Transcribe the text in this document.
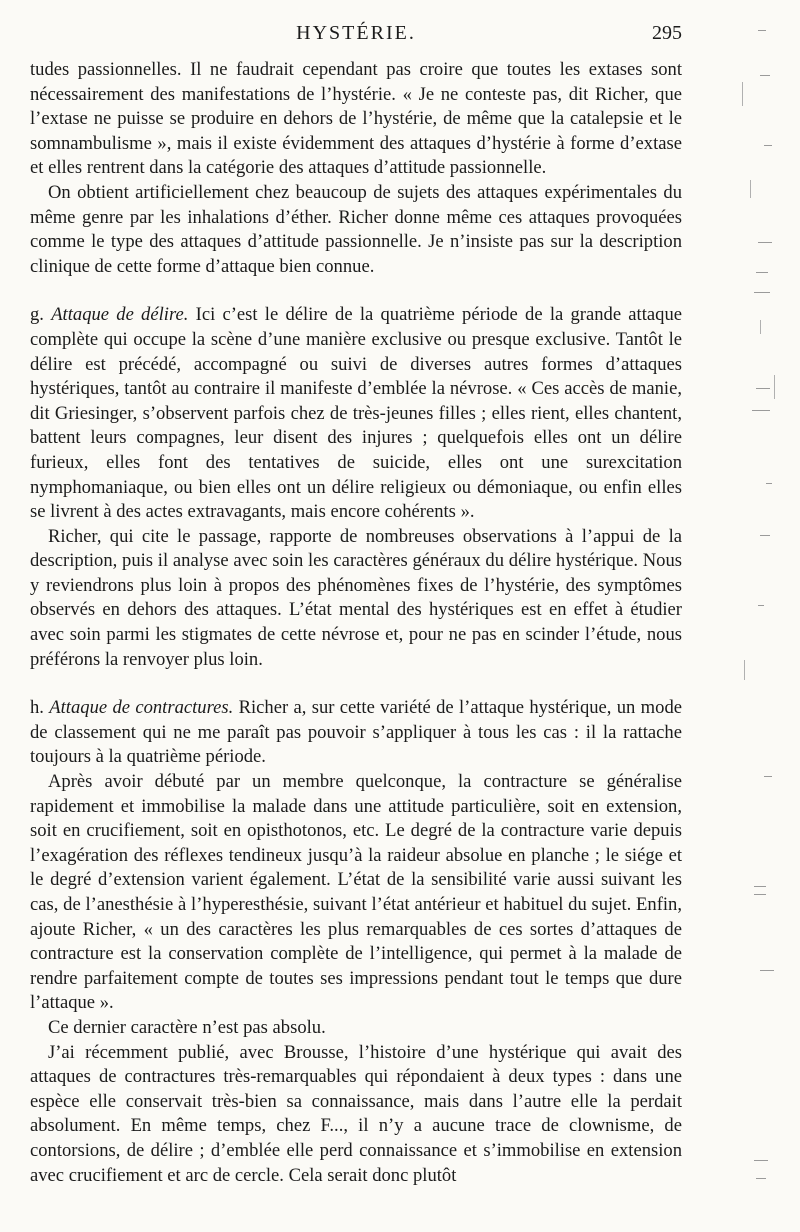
HYSTÉRIE.	295

tudes passionnelles. Il ne faudrait cependant pas croire que toutes les extases sont nécessairement des manifestations de l’hystérie. « Je ne conteste pas, dit Richer, que l’extase ne puisse se produire en dehors de l’hystérie, de même que la catalepsie et le somnambulisme », mais il existe évidemment des attaques d’hystérie à forme d’extase et elles rentrent dans la catégorie des attaques d’attitude passionnelle.

On obtient artificiellement chez beaucoup de sujets des attaques expérimentales du même genre par les inhalations d’éther. Richer donne même ces attaques provoquées comme le type des attaques d’attitude passionnelle. Je n’insiste pas sur la description clinique de cette forme d’attaque bien connue.

g. Attaque de délire. Ici c’est le délire de la quatrième période de la grande attaque complète qui occupe la scène d’une manière exclusive ou presque exclusive. Tantôt le délire est précédé, accompagné ou suivi de diverses autres formes d’attaques hystériques, tantôt au contraire il manifeste d’emblée la névrose. « Ces accès de manie, dit Griesinger, s’observent parfois chez de très-jeunes filles ; elles rient, elles chantent, battent leurs compagnes, leur disent des injures ; quelquefois elles ont un délire furieux, elles font des tentatives de suicide, elles ont une surexcitation nymphomaniaque, ou bien elles ont un délire religieux ou démoniaque, ou enfin elles se livrent à des actes extravagants, mais encore cohérents ».

Richer, qui cite le passage, rapporte de nombreuses observations à l’appui de la description, puis il analyse avec soin les caractères généraux du délire hystérique. Nous y reviendrons plus loin à propos des phénomènes fixes de l’hystérie, des symptômes observés en dehors des attaques. L’état mental des hystériques est en effet à étudier avec soin parmi les stigmates de cette névrose et, pour ne pas en scinder l’étude, nous préférons la renvoyer plus loin.

h. Attaque de contractures. Richer a, sur cette variété de l’attaque hystérique, un mode de classement qui ne me paraît pas pouvoir s’appliquer à tous les cas : il la rattache toujours à la quatrième période.

Après avoir débuté par un membre quelconque, la contracture se généralise rapidement et immobilise la malade dans une attitude particulière, soit en extension, soit en crucifiement, soit en opisthotonos, etc. Le degré de la contracture varie depuis l’exagération des réflexes tendineux jusqu’à la raideur absolue en planche ; le siége et le degré d’extension varient également. L’état de la sensibilité varie aussi suivant les cas, de l’anesthésie à l’hyperesthésie, suivant l’état antérieur et habituel du sujet. Enfin, ajoute Richer, « un des caractères les plus remarquables de ces sortes d’attaques de contracture est la conservation complète de l’intelligence, qui permet à la malade de rendre parfaitement compte de toutes ses impressions pendant tout le temps que dure l’attaque ».

Ce dernier caractère n’est pas absolu.

J’ai récemment publié, avec Brousse, l’histoire d’une hystérique qui avait des attaques de contractures très-remarquables qui répondaient à deux types : dans une espèce elle conservait très-bien sa connaissance, mais dans l’autre elle la perdait absolument. En même temps, chez F..., il n’y a aucune trace de clownisme, de contorsions, de délire ; d’emblée elle perd connaissance et s’immobilise en extension avec crucifiement et arc de cercle. Cela serait donc plutôt
